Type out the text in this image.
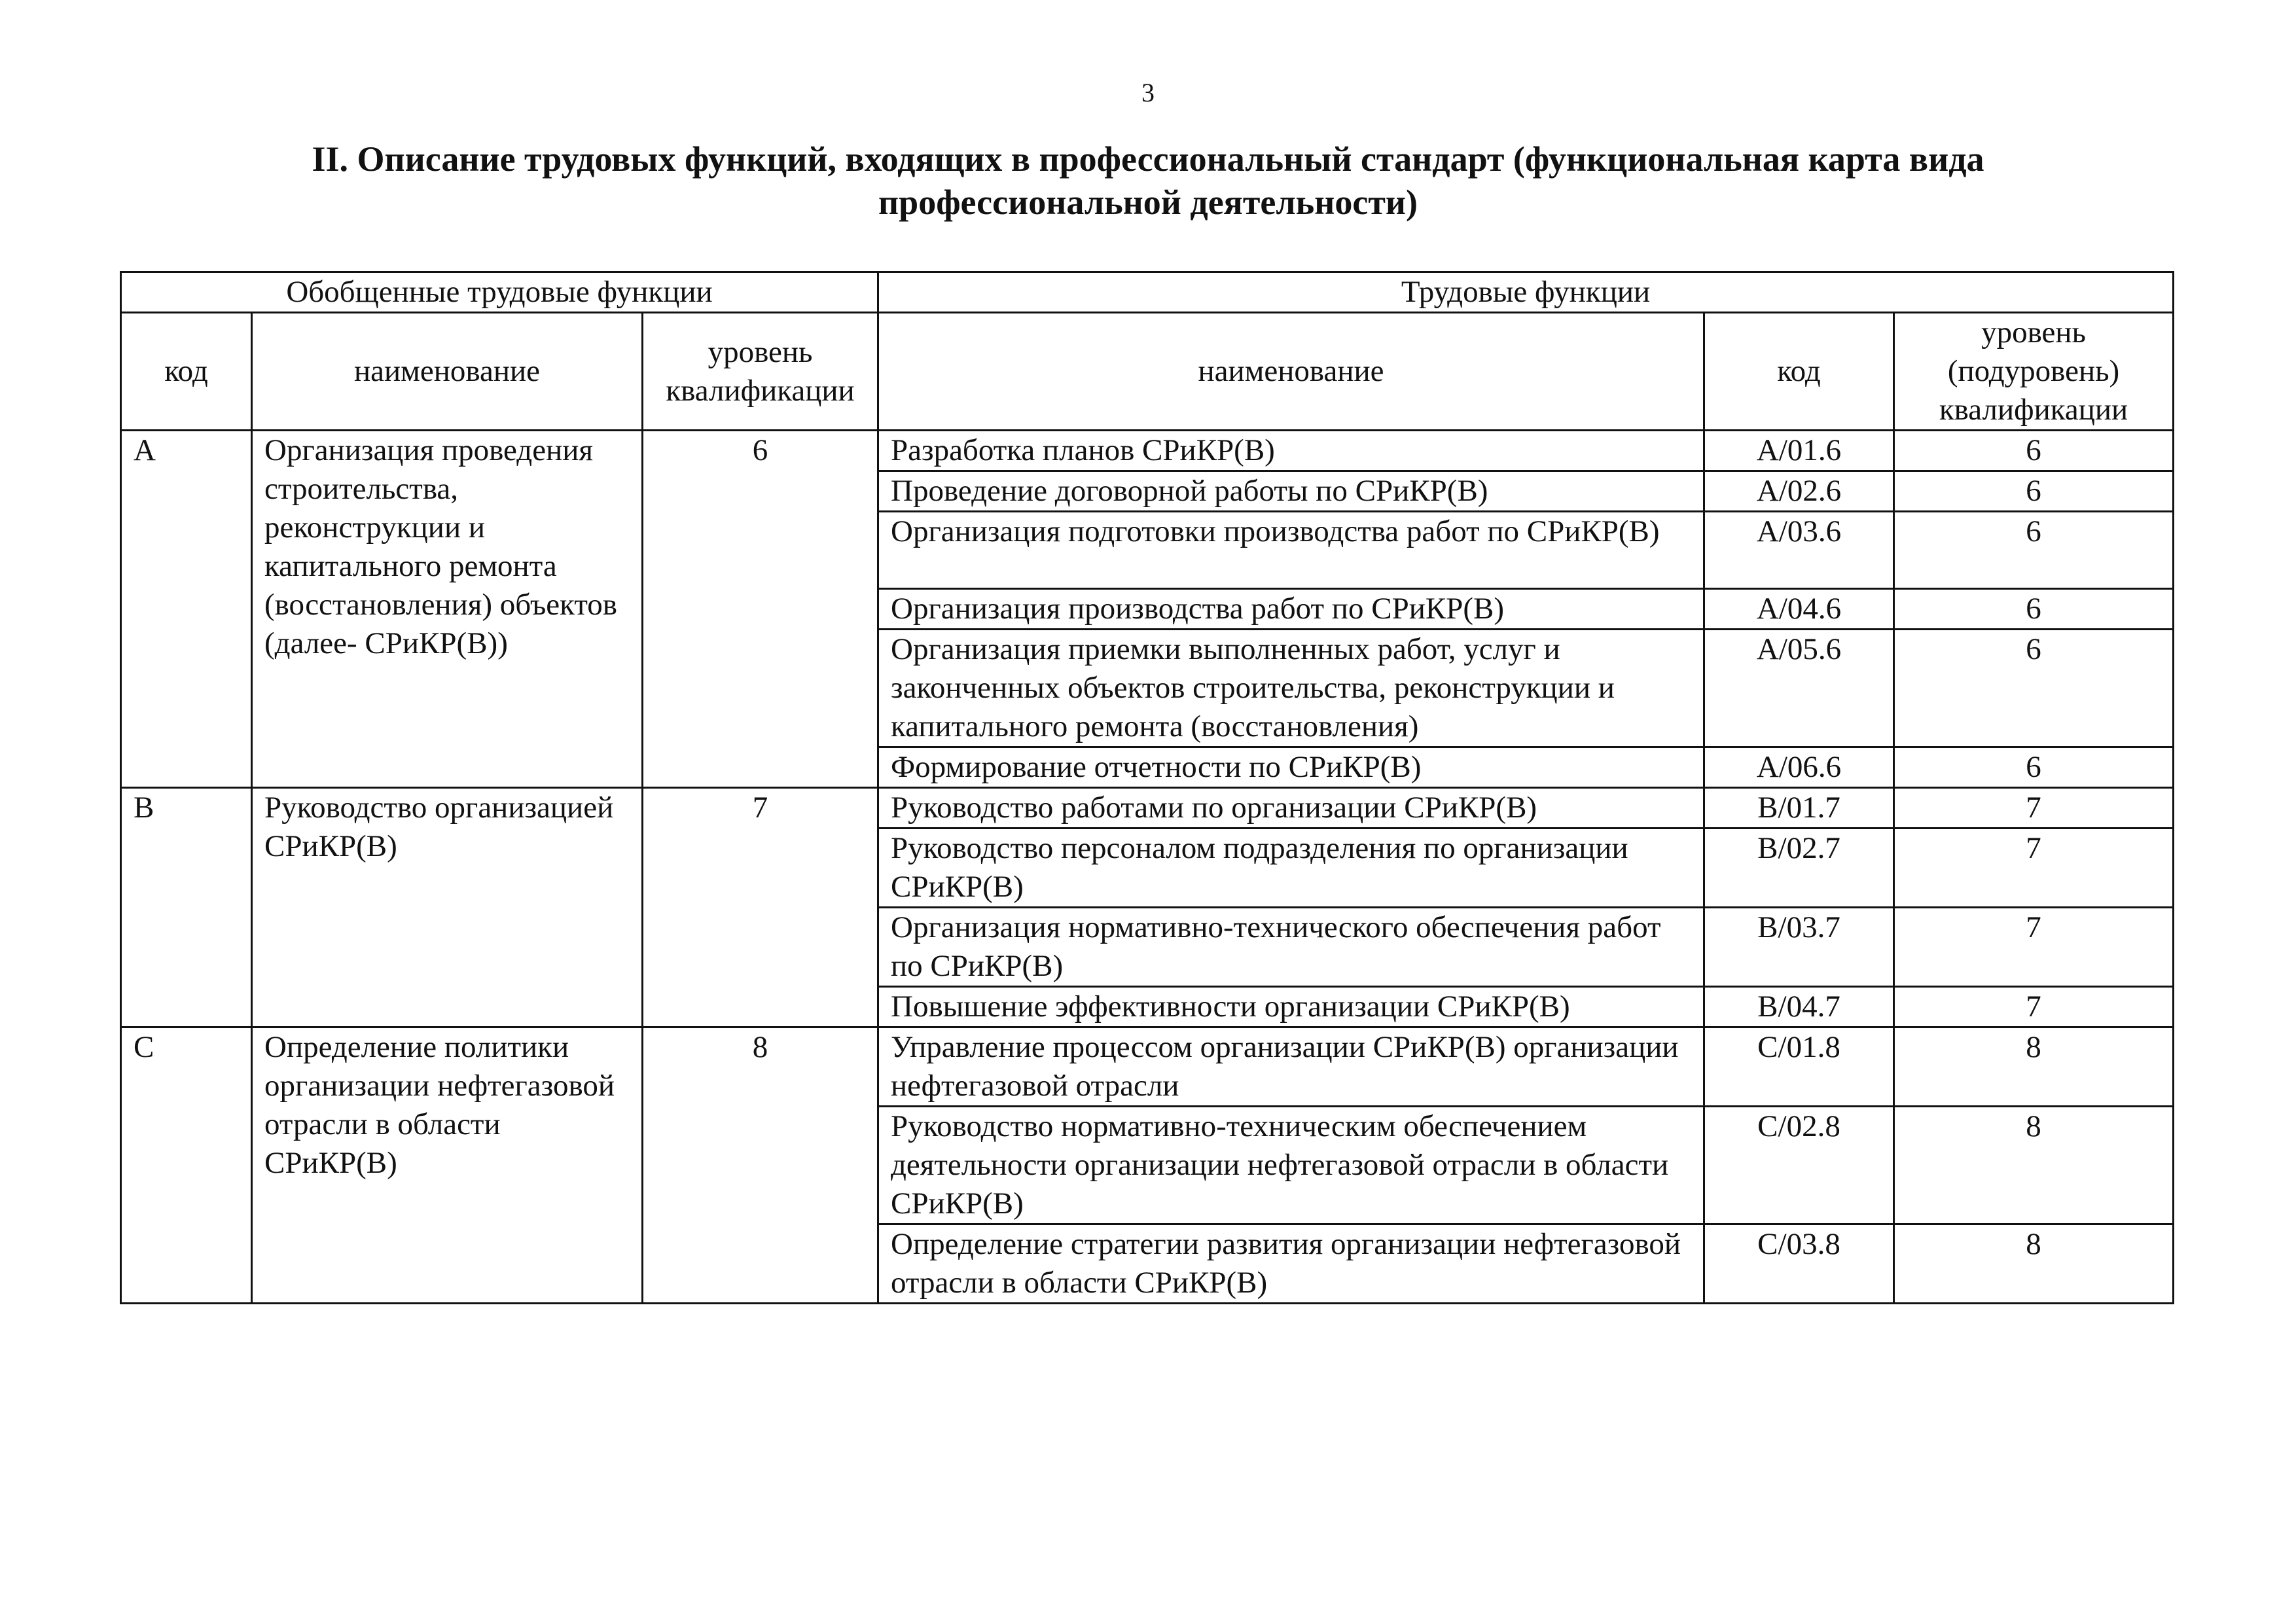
3
II. Описание трудовых функций, входящих в профессиональный стандарт (функциональная карта вида
профессиональной деятельности)
Обобщенные трудовые функции			Трудовые функции		
код	наименование	уровень квалификации	наименование	код	уровень (подуровень) квалификации
A	Организация проведения строительства, реконструкции и капитального ремонта (восстановления) объектов (далее- СРиКР(В))	6	Разработка планов СРиКР(В)	A/01.6	6
			Проведение договорной работы по СРиКР(В)	A/02.6	6
			Организация подготовки производства работ по СРиКР(В)	A/03.6	6
			Организация производства работ по СРиКР(В)	A/04.6	6
			Организация приемки выполненных работ, услуг и законченных объектов строительства, реконструкции и капитального ремонта (восстановления)	A/05.6	6
			Формирование отчетности по СРиКР(В)	A/06.6	6
B	Руководство организацией СРиКР(В)	7	Руководство работами по организации СРиКР(В)	B/01.7	7
			Руководство персоналом подразделения по организации СРиКР(В)	B/02.7	7
			Организация нормативно-технического обеспечения работ по СРиКР(В)	B/03.7	7
			Повышение эффективности организации СРиКР(В)	B/04.7	7
C	Определение политики организации нефтегазовой отрасли в области СРиКР(В)	8	Управление процессом организации СРиКР(В) организации нефтегазовой отрасли	C/01.8	8
			Руководство нормативно-техническим обеспечением деятельности организации нефтегазовой отрасли в области СРиКР(В)	C/02.8	8
			Определение стратегии развития организации нефтегазовой отрасли в области СРиКР(В)	C/03.8	8
